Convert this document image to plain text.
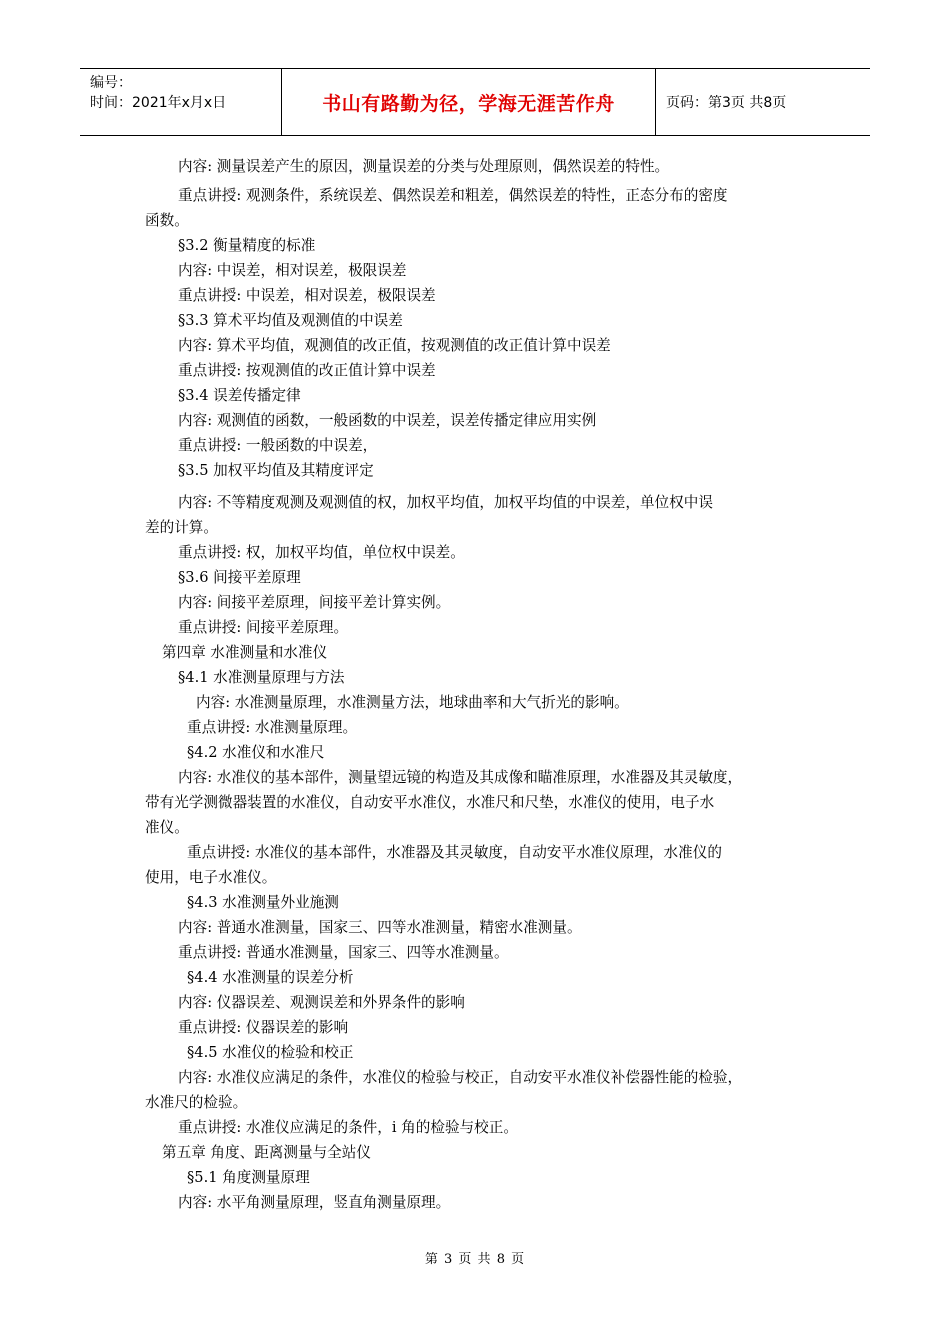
编号：
时间：2021年x月x日	书山有路勤为径，学海无涯苦作舟	页码：第3页 共8页
内容: 测量误差产生的原因，测量误差的分类与处理原则，偶然误差的特性。
重点讲授: 观测条件，系统误差、偶然误差和粗差，偶然误差的特性，正态分布的密度
函数。
§3.2 衡量精度的标准
内容: 中误差，相对误差，极限误差
重点讲授: 中误差，相对误差，极限误差
§3.3 算术平均值及观测值的中误差
内容: 算术平均值，观测值的改正值，按观测值的改正值计算中误差
重点讲授: 按观测值的改正值计算中误差
§3.4 误差传播定律
内容: 观测值的函数，一般函数的中误差，误差传播定律应用实例
重点讲授: 一般函数的中误差，
§3.5 加权平均值及其精度评定
内容: 不等精度观测及观测值的权，加权平均值，加权平均值的中误差，单位权中误
差的计算。
重点讲授: 权，加权平均值，单位权中误差。
§3.6 间接平差原理
内容: 间接平差原理，间接平差计算实例。
重点讲授: 间接平差原理。
第四章 水准测量和水准仪
§4.1 水准测量原理与方法
内容: 水准测量原理，水准测量方法，地球曲率和大气折光的影响。
重点讲授: 水准测量原理。
§4.2 水准仪和水准尺
内容: 水准仪的基本部件，测量望远镜的构造及其成像和瞄准原理，水准器及其灵敏度，
带有光学测微器装置的水准仪，自动安平水准仪，水准尺和尺垫，水准仪的使用，电子水
准仪。
重点讲授: 水准仪的基本部件，水准器及其灵敏度，自动安平水准仪原理，水准仪的
使用，电子水准仪。
§4.3 水准测量外业施测
内容: 普通水准测量，国家三、四等水准测量，精密水准测量。
重点讲授: 普通水准测量，国家三、四等水准测量。
§4.4 水准测量的误差分析
内容: 仪器误差、观测误差和外界条件的影响
重点讲授: 仪器误差的影响
§4.5 水准仪的检验和校正
内容: 水准仪应满足的条件，水准仪的检验与校正，自动安平水准仪补偿器性能的检验，
水准尺的检验。
重点讲授: 水准仪应满足的条件，i 角的检验与校正。
第五章 角度、距离测量与全站仪
§5.1 角度测量原理
内容: 水平角测量原理，竖直角测量原理。
第 3 页 共 8 页
